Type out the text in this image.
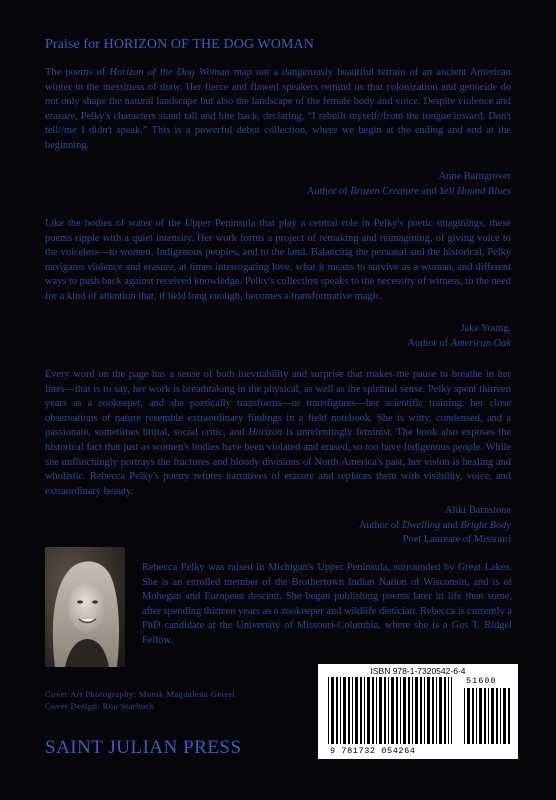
Praise for HORIZON OF THE DOG WOMAN
The poems of Horizon of the Dog Woman map out a dangerously beautiful terrain of an ancient American winter in the messiness of thaw. Her fierce and flawed speakers remind us that colonization and genocide do not only shape the natural landscape but also the landscape of the female body and voice. Despite violence and erasure, Pelky's characters stand tall and bite back, declaring, “I rebuilt myself//from the tongue/inward. Don't tell//me I didn't speak.” This is a powerful debut collection, where we begin at the ending and end at the beginning.
Anne Barngrover
Author of Brazen Creature and Yell Hound Blues
Like the bodies of water of the Upper Peninsula that play a central role in Pelky's poetic imaginings, these poems ripple with a quiet intensity. Her work forms a project of remaking and reimagining, of giving voice to the voiceless—to women, Indigenous peoples, and to the land. Balancing the personal and the historical, Pelky navigates violence and erasure, at times interrogating love, what it means to survive as a woman, and different ways to push back against received knowledge. Pelky's collection speaks to the necessity of witness, to the need for a kind of attention that, if held long enough, becomes a transformative magic.
Jake Young,
Author of American Oak
Every word on the page has a sense of both inevitability and surprise that makes me pause to breathe in her lines—that is to say, her work is breathtaking in the physical, as well as the spiritual sense. Pelky spent thirteen years as a zookeeper, and she poetically transforms—or transfigures—her scientific training: her close observations of nature resemble extraordinary findings in a field notebook. She is witty, condensed, and a passionate, sometimes brutal, social critic, and Horizon is unrelentingly feminist. The book also exposes the historical fact that just as women's bodies have been violated and erased, so too have Indigenous people. While she unflinchingly portrays the fractures and bloody divisions of North America's past, her vision is healing and wholistic. Rebecca Pelky's poetry refutes narratives of erasure and replaces them with visibility, voice, and extraordinary beauty.
Aliki Barnstone
Author of Dwelling and Bright Body
Poet Laureate of Missouri
Rebecca Pelky was raised in Michigan's Upper Peninsula, surrounded by Great Lakes. She is an enrolled member of the Brothertown Indian Nation of Wisconsin, and is of Mohegan and European descent. She began publishing poems later in life than some, after spending thirteen years as a zookeeper and wildlife dietician. Rebecca is currently a PhD candidate at the University of Missouri-Columbia, where she is a Gus T. Ridgel Fellow.
Cover Art Photography: Monik Magdalena Geisel
Cover Design: Ron Starbuck
SAINT JULIAN PRESS
ISBN 978-1-7320542-6-4
9 781732 054264
51600
